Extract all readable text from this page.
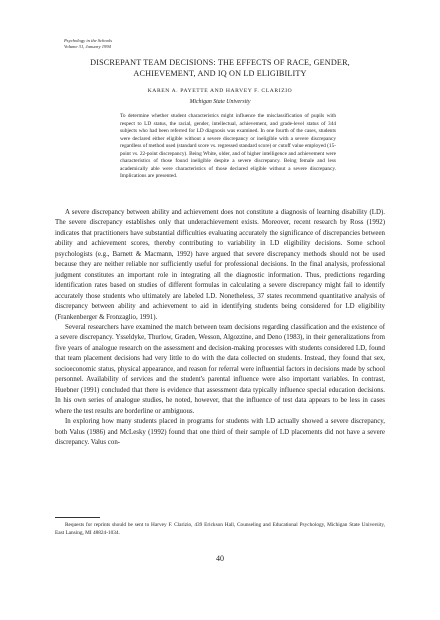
Psychology in the Schools
Volume 31, January 1994
DISCREPANT TEAM DECISIONS: THE EFFECTS OF RACE, GENDER, ACHIEVEMENT, AND IQ ON LD ELIGIBILITY
KAREN A. PAYETTE AND HARVEY F. CLARIZIO
Michigan State University

To determine whether student characteristics might influence the misclassification of pupils with respect to LD status, the racial, gender, intellectual, achievement, and grade-level status of 344 subjects who had been referred for LD diagnosis was examined. In one fourth of the cases, students were declared either eligible without a severe discrepancy or ineligible with a severe discrepancy regardless of method used (standard score vs. regressed standard score) or cutoff value employed (15-point vs. 22-point discrepancy). Being White, older, and of higher intelligence and achievement were characteristics of those found ineligible despite a severe discrepancy. Being female and less academically able were characteristics of those declared eligible without a severe discrepancy. Implications are presented.

A severe discrepancy between ability and achievement does not constitute a diagnosis of learning disability (LD). The severe discrepancy establishes only that underachievement exists. Moreover, recent research by Ross (1992) indicates that practitioners have substantial difficulties evaluating accurately the significance of discrepancies between ability and achievement scores, thereby contributing to variability in LD eligibility decisions. Some school psychologists (e.g., Barnett & Macmann, 1992) have argued that severe discrepancy methods should not be used because they are neither reliable nor sufficiently useful for professional decisions. In the final analysis, professional judgment constitutes an important role in integrating all the diagnostic information. Thus, predictions regarding identification rates based on studies of different formulas in calculating a severe discrepancy might fail to identify accurately those students who ultimately are labeled LD. Nonetheless, 37 states recommend quantitative analysis of discrepancy between ability and achievement to aid in identifying students being considered for LD eligibility (Frankenberger & Fronzaglio, 1991).

Several researchers have examined the match between team decisions regarding classification and the existence of a severe discrepancy. Ysseldyke, Thurlow, Graden, Wesson, Algozzine, and Deno (1983), in their generalizations from five years of analogue research on the assessment and decision-making processes with students considered LD, found that team placement decisions had very little to do with the data collected on students. Instead, they found that sex, socioeconomic status, physical appearance, and reason for referral were influential factors in decisions made by school personnel. Availability of services and the student's parental influence were also important variables. In contrast, Huebner (1991) concluded that there is evidence that assessment data typically influence special education decisions. In his own series of analogue studies, he noted, however, that the influence of test data appears to be less in cases where the test results are borderline or ambiguous.

In exploring how many students placed in programs for students with LD actually showed a severe discrepancy, both Valus (1986) and McLesky (1992) found that one third of their sample of LD placements did not have a severe discrepancy. Valus con-

Requests for reprints should be sent to Harvey F. Clarizio, 439 Erickson Hall, Counseling and Educational Psychology, Michigan State University, East Lansing, MI 48824-1034.

40
